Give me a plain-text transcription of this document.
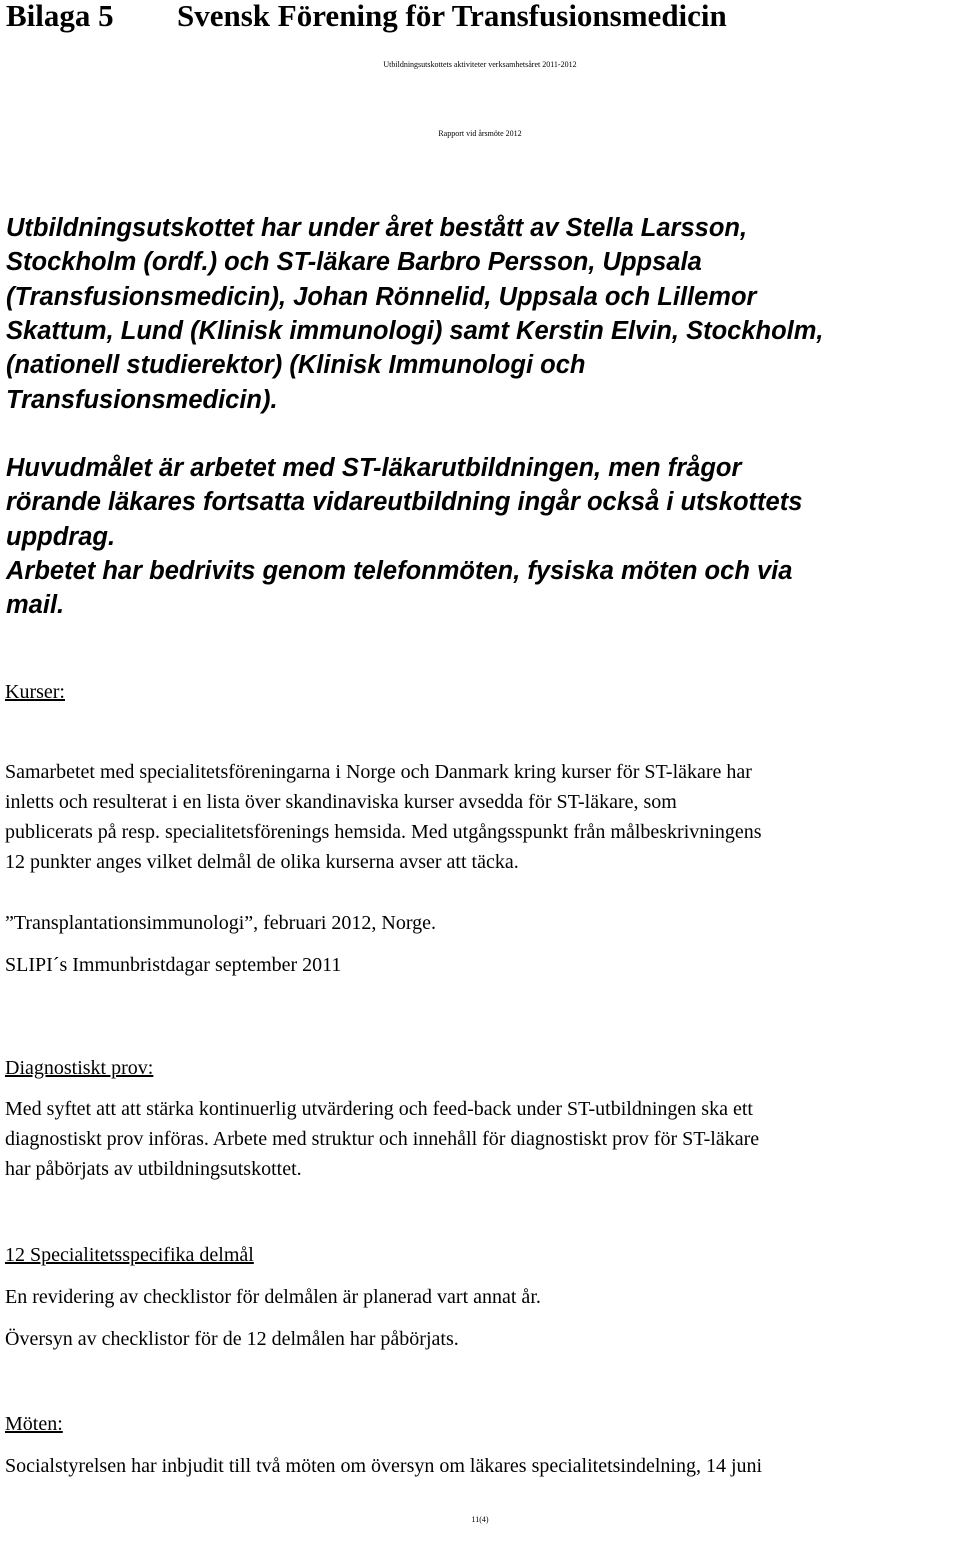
Bilaga 5 Svensk Förening för Transfusionsmedicin
Utbildningsutskottets aktiviteter verksamhetsåret 2011-2012
Rapport vid årsmöte 2012
Utbildningsutskottet har under året bestått av Stella Larsson,
Stockholm (ordf.) och ST-läkare Barbro Persson, Uppsala
(Transfusionsmedicin), Johan Rönnelid, Uppsala och Lillemor
Skattum, Lund (Klinisk immunologi) samt Kerstin Elvin, Stockholm,
(nationell studierektor) (Klinisk Immunologi och
Transfusionsmedicin).
Huvudmålet är arbetet med ST-läkarutbildningen, men frågor
rörande läkares fortsatta vidareutbildning ingår också i utskottets
uppdrag.
Arbetet har bedrivits genom telefonmöten, fysiska möten och via
mail.
Kurser:
Samarbetet med specialitetsföreningarna i Norge och Danmark kring kurser för ST-läkare har
inletts och resulterat i en lista över skandinaviska kurser avsedda för ST-läkare, som
publicerats på resp. specialitetsförenings hemsida. Med utgångsspunkt från målbeskrivningens
12 punkter anges vilket delmål de olika kurserna avser att täcka.
”Transplantationsimmunologi”, februari 2012, Norge.
SLIPI´s Immunbristdagar september 2011
Diagnostiskt prov:
Med syftet att att stärka kontinuerlig utvärdering och feed-back under ST-utbildningen ska ett
diagnostiskt prov införas. Arbete med struktur och innehåll för diagnostiskt prov för ST-läkare
har påbörjats av utbildningsutskottet.
12 Specialitetsspecifika delmål
En revidering av checklistor för delmålen är planerad vart annat år.
Översyn av checklistor för de 12 delmålen har påbörjats.
Möten:
Socialstyrelsen har inbjudit till två möten om översyn om läkares specialitetsindelning, 14 juni
11(4)
